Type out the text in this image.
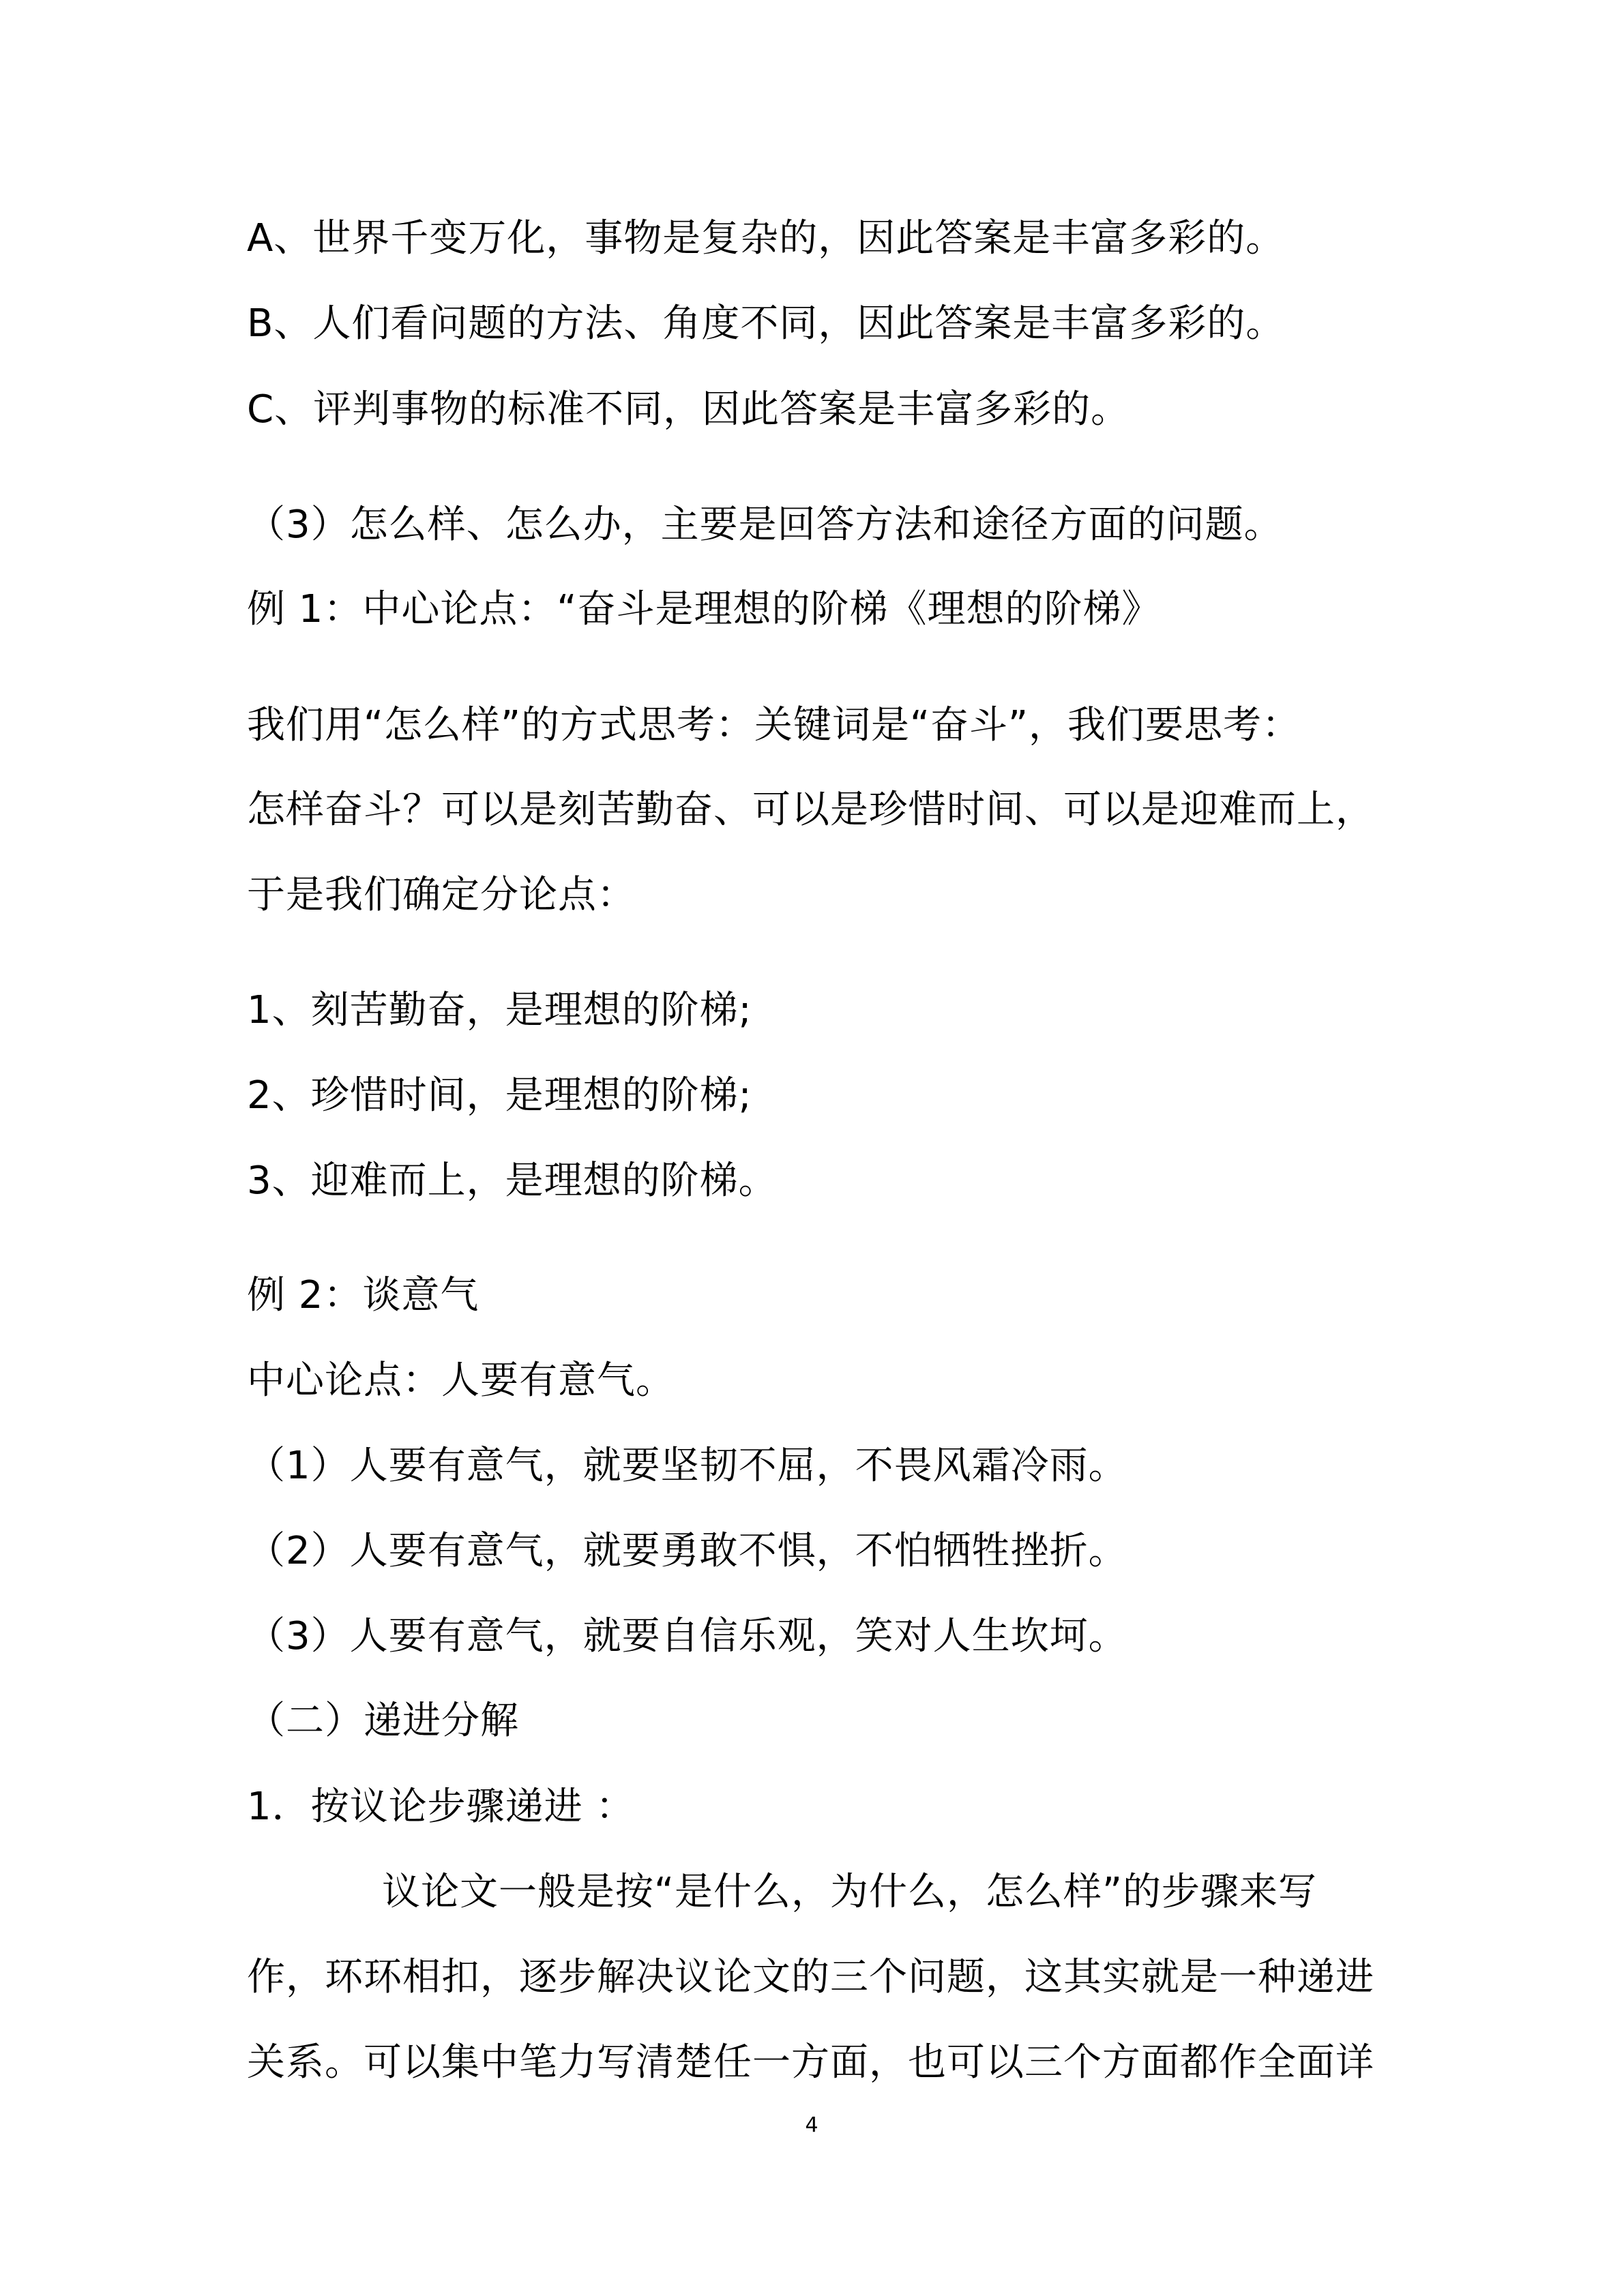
A、世界千变万化，事物是复杂的，因此答案是丰富多彩的。
B、人们看问题的方法、角度不同，因此答案是丰富多彩的。
C、评判事物的标准不同，因此答案是丰富多彩的。
（3）怎么样、怎么办，主要是回答方法和途径方面的问题。
例 1：中心论点：“奋斗是理想的阶梯《理想的阶梯》
我们用“怎么样”的方式思考：关键词是“奋斗”，我们要思考：
怎样奋斗？可以是刻苦勤奋、可以是珍惜时间、可以是迎难而上，
于是我们确定分论点：
1、刻苦勤奋，是理想的阶梯;
2、珍惜时间，是理想的阶梯;
3、迎难而上，是理想的阶梯。
例 2：谈意气
中心论点：人要有意气。
（1）人要有意气，就要坚韧不屈，不畏风霜冷雨。
（2）人要有意气，就要勇敢不惧，不怕牺牲挫折。
（3）人要有意气，就要自信乐观，笑对人生坎坷。
（二）递进分解
1．按议论步骤递进 ：
议论文一般是按“是什么，为什么，怎么样”的步骤来写
作，环环相扣，逐步解决议论文的三个问题，这其实就是一种递进
关系。可以集中笔力写清楚任一方面，也可以三个方面都作全面详
4
